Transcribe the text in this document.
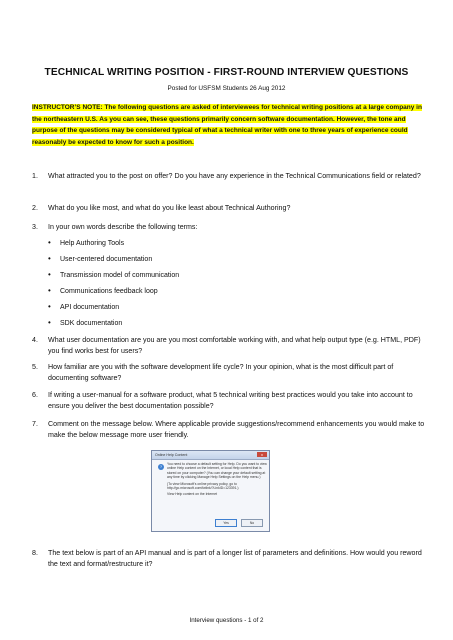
TECHNICAL WRITING POSITION - FIRST-ROUND INTERVIEW QUESTIONS
Posted for USFSM Students 26 Aug 2012
INSTRUCTOR’S NOTE: The following questions are asked of interviewees for technical writing positions at a large company in the northeastern U.S. As you can see, these questions primarily concern software documentation. However, the tone and purpose of the questions may be considered typical of what a technical writer with one to three years of experience could reasonably be expected to know for such a position.
1. What attracted you to the post on offer? Do you have any experience in the Technical Communications field or related?
2. What do you like most, and what do you like least about Technical Authoring?
3. In your own words describe the following terms:
• Help Authoring Tools
• User-centered documentation
• Transmission model of communication
• Communications feedback loop
• API documentation
• SDK documentation
4. What user documentation are you are you most comfortable working with, and what help output type (e.g. HTML, PDF) you find works best for users?
5. How familiar are you with the software development life cycle? In your opinion, what is the most difficult part of documenting software?
6. If writing a user-manual for a software product, what 5 technical writing best practices would you take into account to ensure you deliver the best documentation possible?
7. Comment on the message below. Where applicable provide suggestions/recommend enhancements you would make to make the below message more user friendly.
Online Help Content	x
?	You need to choose a default setting for Help. Do you want to view online Help content on the Internet, or local Help content that is stored on your computer? (You can change your default setting at any time by clicking Manage Help Settings on the Help menu.)

(To view Microsoft's online privacy policy, go to http://go.microsoft.com/fwlink/?LinkID=123391.)

View Help content on the Internet

Yes	No
8. The text below is part of an API manual and is part of a longer list of parameters and definitions. How would you reword the text and format/restructure it?
Interview questions - 1 of 2
